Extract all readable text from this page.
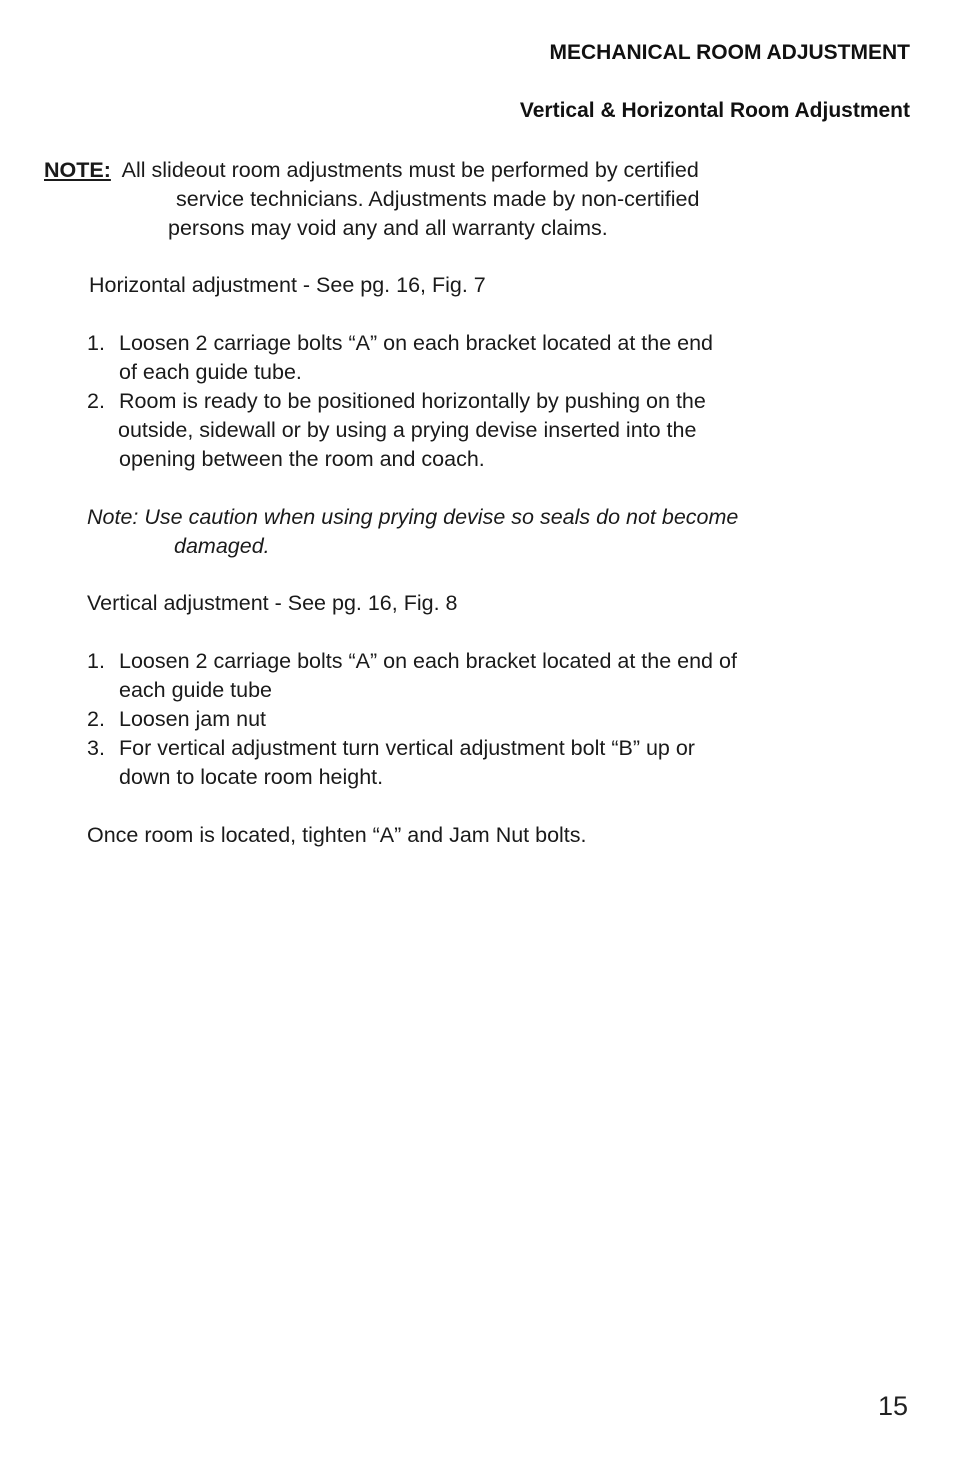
MECHANICAL ROOM ADJUSTMENT
Vertical & Horizontal Room Adjustment
NOTE: All slideout room adjustments must be performed by certified
service technicians. Adjustments made by non-certified
persons may void any and all warranty claims.
Horizontal adjustment - See pg. 16, Fig. 7
1. Loosen 2 carriage bolts “A” on each bracket located at the end
of each guide tube.
2. Room is ready to be positioned horizontally by pushing on the
outside, sidewall or by using a prying devise inserted into the
opening between the room and coach.
Note: Use caution when using prying devise so seals do not become
damaged.
Vertical adjustment - See pg. 16, Fig. 8
1. Loosen 2 carriage bolts “A” on each bracket located at the end of
each guide tube
2. Loosen jam nut
3. For vertical adjustment turn vertical adjustment bolt “B” up or
down to locate room height.
Once room is located, tighten “A” and Jam Nut bolts.
15
